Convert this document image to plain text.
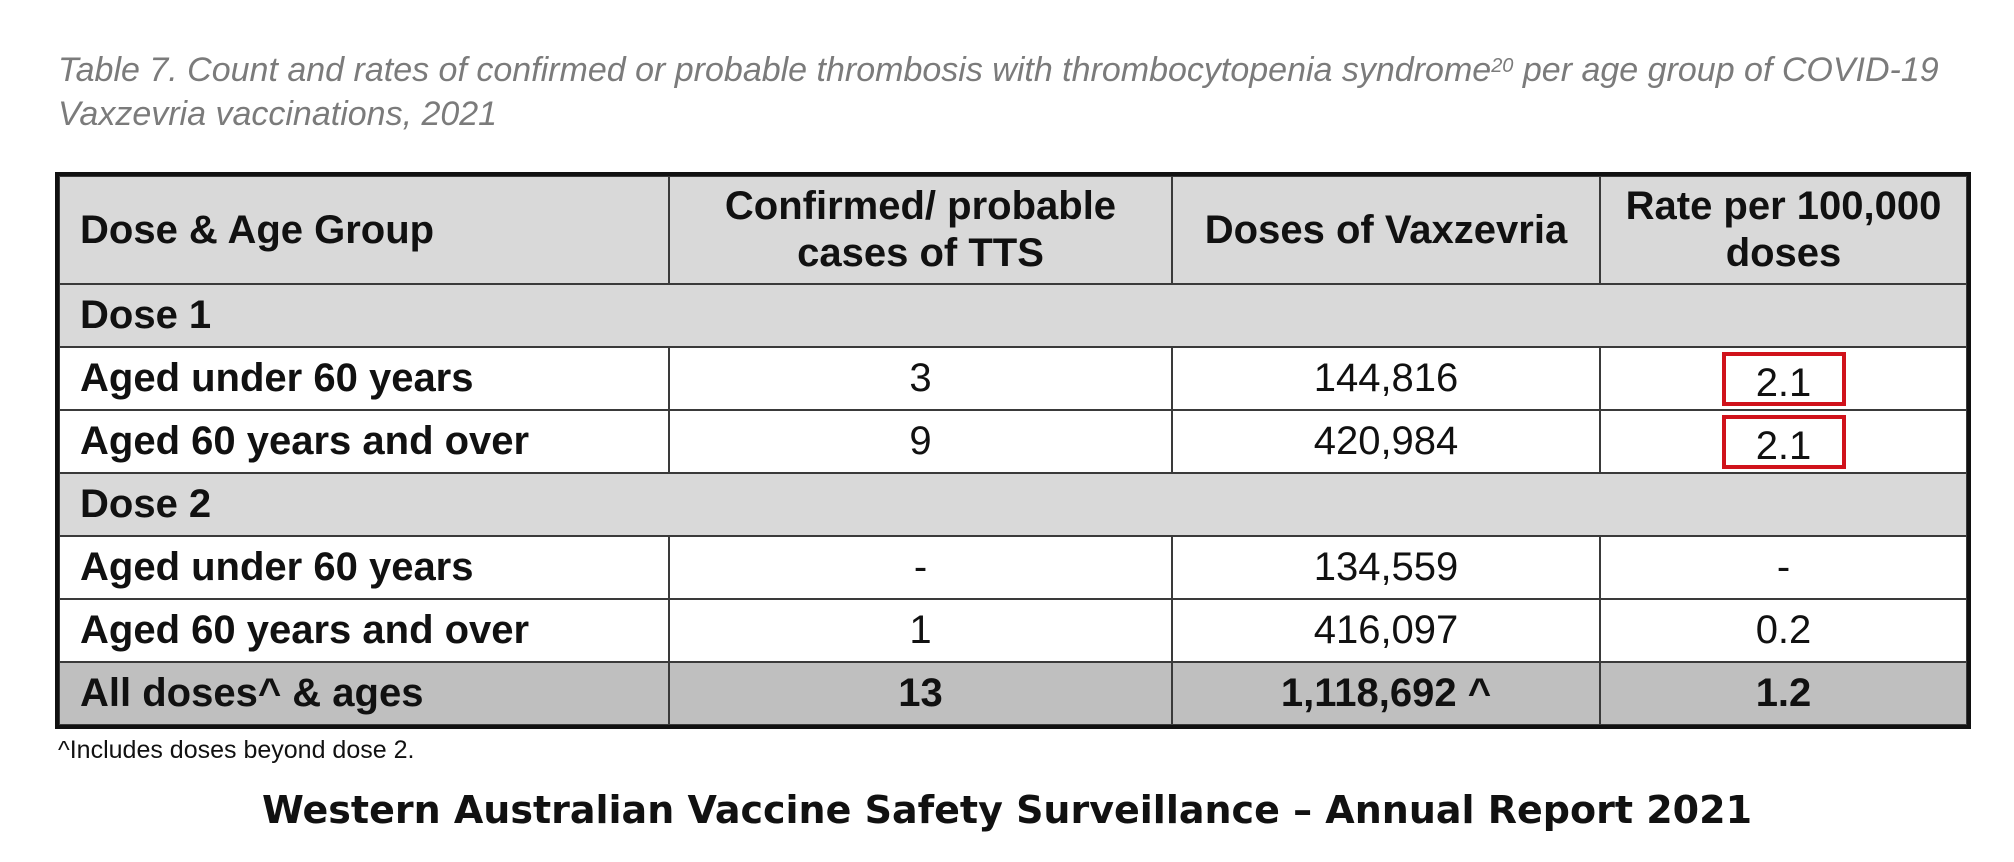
Table 7. Count and rates of confirmed or probable thrombosis with thrombocytopenia syndrome$^{20}$ per age group of COVID-19 Vaxzevria vaccinations, 2021
Dose & Age Group	Confirmed/ probable cases of TTS	Doses of Vaxzevria	Rate per 100,000 doses
Dose 1			
Aged under 60 years	3	144,816	2.1
Aged 60 years and over	9	420,984	2.1
Dose 2			
Aged under 60 years	-	134,559	-
Aged 60 years and over	1	416,097	0.2
All doses^ & ages	13	1,118,692 ^	1.2
^Includes doses beyond dose 2.
Western Australian Vaccine Safety Surveillance – Annual Report 2021
